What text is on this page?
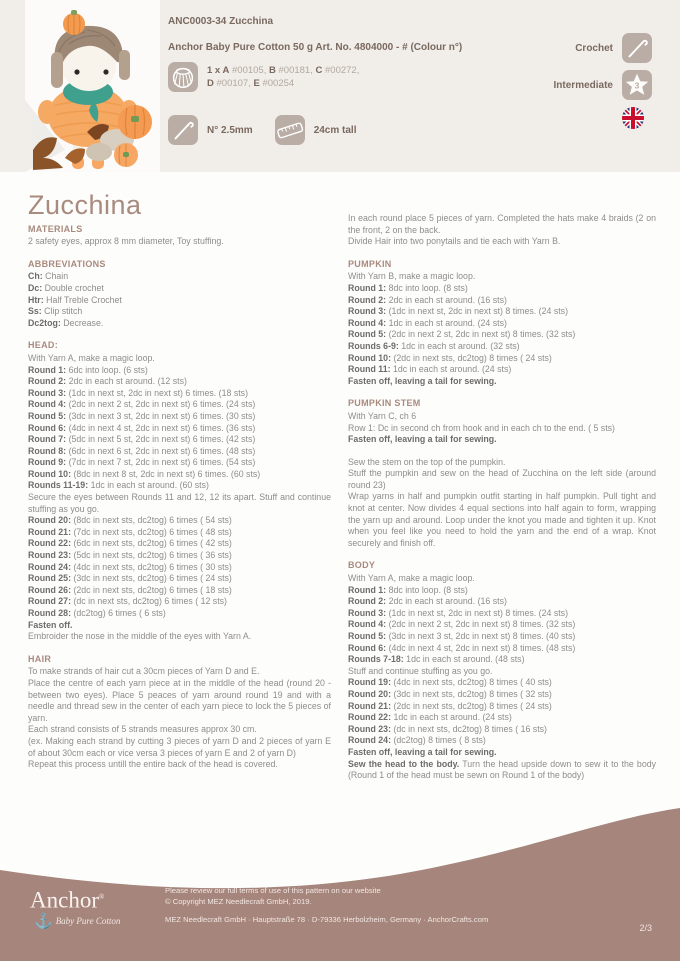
ANC0003-34 Zucchina
Anchor Baby Pure Cotton 50 g Art. No. 4804000 - # (Colour n°)
1 x A #00105, B #00181, C #00272,
D #00107, E #00254
N° 2.5mm	24cm tall
Crochet
Intermediate 3
Zucchina
MATERIALS
2 safety eyes, approx 8 mm diameter, Toy stuffing.
ABBREVIATIONS
Ch: Chain
Dc: Double crochet
Htr: Half Treble Crochet
Ss: Clip stitch
Dc2tog: Decrease.
HEAD:
With Yarn A, make a magic loop.
Round 1: 6dc into loop. (6 sts)
Round 2: 2dc in each st around. (12 sts)
Round 3: (1dc in next st, 2dc in next st) 6 times. (18 sts)
Round 4: (2dc in next 2 st, 2dc in next st) 6 times. (24 sts)
Round 5: (3dc in next 3 st, 2dc in next st) 6 times. (30 sts)
Round 6: (4dc in next 4 st, 2dc in next st) 6 times. (36 sts)
Round 7: (5dc in next 5 st, 2dc in next st) 6 times. (42 sts)
Round 8: (6dc in next 6 st, 2dc in next st) 6 times. (48 sts)
Round 9: (7dc in next 7 st, 2dc in next st) 6 times. (54 sts)
Round 10: (8dc in next 8 st, 2dc in next st) 6 times. (60 sts)
Rounds 11-19: 1dc in each st around. (60 sts)
Secure the eyes between Rounds 11 and 12, 12 its apart. Stuff and continue stuffing as you go.
Round 20: (8dc in next sts, dc2tog) 6 times ( 54 sts)
Round 21: (7dc in next sts, dc2tog) 6 times ( 48 sts)
Round 22: (6dc in next sts, dc2tog) 6 times ( 42 sts)
Round 23: (5dc in next sts, dc2tog) 6 times ( 36 sts)
Round 24: (4dc in next sts, dc2tog) 6 times ( 30 sts)
Round 25: (3dc in next sts, dc2tog) 6 times ( 24 sts)
Round 26: (2dc in next sts, dc2tog) 6 times ( 18 sts)
Round 27: (dc in next sts, dc2tog) 6 times ( 12 sts)
Round 28: (dc2tog) 6 times ( 6 sts)
Fasten off.
Embroider the nose in the middle of the eyes with Yarn A.
HAIR
To make strands of hair cut a 30cm pieces of Yarn D and E.
Place the centre of each yarn piece at in the middle of the head (round 20 - between two eyes). Place 5 peaces of yarn around round 19 and with a needle and thread sew in the center of each yarn piece to lock the 5 pieces of yarn.
Each strand consists of 5 strands measures approx 30 cm.
(ex. Making each strand by cutting 3 pieces of yarn D and 2 pieces of yarn E of about 30cm each or vice versa 3 pieces of yarn E and 2 of yarn D)
Repeat this process untill the entire back of the head is covered.
In each round place 5 pieces of yarn. Completed the hats make 4 braids (2 on the front, 2 on the back.
Divide Hair into two ponytails and tie each with Yarn B.
PUMPKIN
With Yarn B, make a magic loop.
Round 1: 8dc into loop. (8 sts)
Round 2: 2dc in each st around. (16 sts)
Round 3: (1dc in next st, 2dc in next st) 8 times. (24 sts)
Round 4: 1dc in each st around. (24 sts)
Round 5: (2dc in next 2 st, 2dc in next st) 8 times. (32 sts)
Rounds 6-9: 1dc in each st around. (32 sts)
Round 10: (2dc in next sts, dc2tog) 8 times ( 24 sts)
Round 11: 1dc in each st around. (24 sts)
Fasten off, leaving a tail for sewing.
PUMPKIN STEM
With Yarn C, ch 6
Row 1: Dc in second ch from hook and in each ch to the end. ( 5 sts)
Fasten off, leaving a tail for sewing.
Sew the stem on the top of the pumpkin.
Stuff the pumpkin and sew on the head of Zucchina on the left side (around round 23)
Wrap yarns in half and pumpkin outfit starting in half pumpkin. Pull tight and knot at center. Now divides 4 equal sections into half again to form, wrapping the yarn up and around. Loop under the knot you made and tighten it up. Knot when you feel like you need to hold the yarn and the end of a wrap. Knot securely and finish off.
BODY
With Yarn A, make a magic loop.
Round 1: 8dc into loop. (8 sts)
Round 2: 2dc in each st around. (16 sts)
Round 3: (1dc in next st, 2dc in next st) 8 times. (24 sts)
Round 4: (2dc in next 2 st, 2dc in next st) 8 times. (32 sts)
Round 5: (3dc in next 3 st, 2dc in next st) 8 times. (40 sts)
Round 6: (4dc in next 4 st, 2dc in next st) 8 times. (48 sts)
Rounds 7-18: 1dc in each st around. (48 sts)
Stuff and continue stuffing as you go.
Round 19: (4dc in next sts, dc2tog) 8 times ( 40 sts)
Round 20: (3dc in next sts, dc2tog) 8 times ( 32 sts)
Round 21: (2dc in next sts, dc2tog) 8 times ( 24 sts)
Round 22: 1dc in each st around. (24 sts)
Round 23: (dc in next sts, dc2tog) 8 times ( 16 sts)
Round 24: (dc2tog) 8 times ( 8 sts)
Fasten off, leaving a tail for sewing.
Sew the head to the body. Turn the head upside down to sew it to the body (Round 1 of the head must be sewn on Round 1 of the body)
Anchor®
⚓ Baby Pure Cotton
Please review our full terms of use of this pattern on our website
© Copyright MEZ Needlecraft GmbH, 2019.
MEZ Needlecraft GmbH · Hauptstraße 78 · D-79336 Herbolzheim, Germany · AnchorCrafts.com
2/3
